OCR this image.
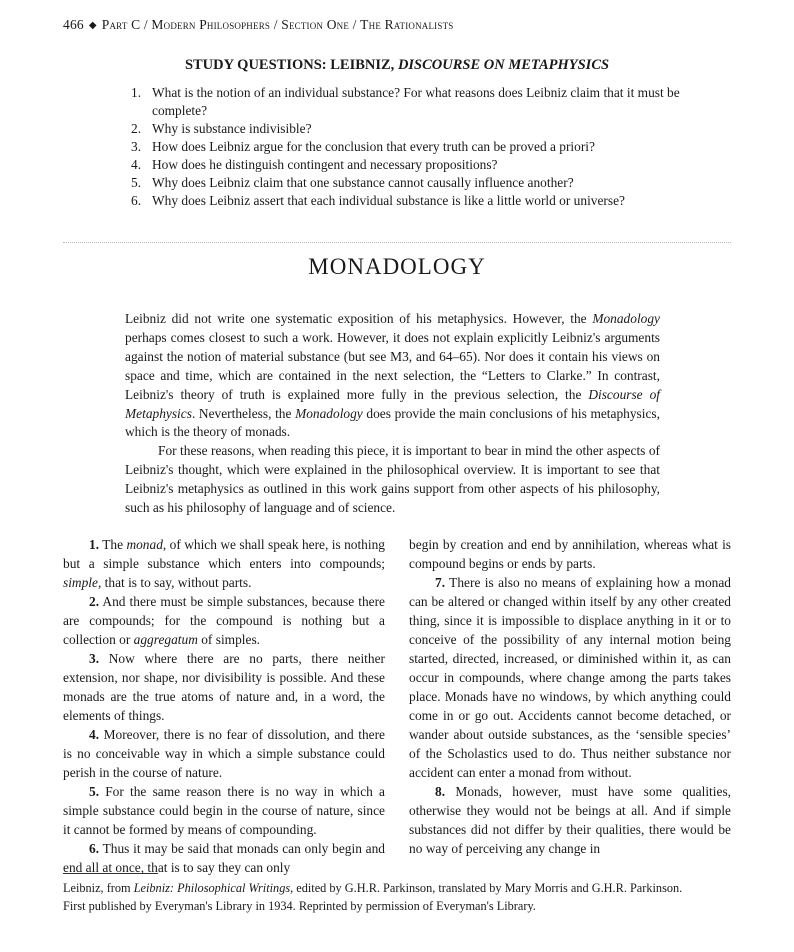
466 ◆ Part C / Modern Philosophers / Section One / The Rationalists
STUDY QUESTIONS: LEIBNIZ, DISCOURSE ON METAPHYSICS
1. What is the notion of an individual substance? For what reasons does Leibniz claim that it must be complete?
2. Why is substance indivisible?
3. How does Leibniz argue for the conclusion that every truth can be proved a priori?
4. How does he distinguish contingent and necessary propositions?
5. Why does Leibniz claim that one substance cannot causally influence another?
6. Why does Leibniz assert that each individual substance is like a little world or universe?
MONADOLOGY

Leibniz did not write one systematic exposition of his metaphysics. However, the Monadology perhaps comes closest to such a work. However, it does not explain explicitly Leibniz's arguments against the notion of material substance (but see M3, and 64–65). Nor does it contain his views on space and time, which are contained in the next selection, the “Letters to Clarke.” In contrast, Leibniz's theory of truth is explained more fully in the previous selection, the Discourse of Metaphysics. Nevertheless, the Monadology does provide the main conclusions of his metaphysics, which is the theory of monads.

For these reasons, when reading this piece, it is important to bear in mind the other aspects of Leibniz's thought, which were explained in the philosophical overview. It is important to see that Leibniz's metaphysics as outlined in this work gains support from other aspects of his philosophy, such as his philosophy of language and of science.

1. The monad, of which we shall speak here, is nothing but a simple substance which enters into compounds; simple, that is to say, without parts.

2. And there must be simple substances, because there are compounds; for the compound is nothing but a collection or aggregatum of simples.

3. Now where there are no parts, there neither extension, nor shape, nor divisibility is possible. And these monads are the true atoms of nature and, in a word, the elements of things.

4. Moreover, there is no fear of dissolution, and there is no conceivable way in which a simple substance could perish in the course of nature.

5. For the same reason there is no way in which a simple substance could begin in the course of nature, since it cannot be formed by means of compounding.

6. Thus it may be said that monads can only begin and end all at once, that is to say they can only

begin by creation and end by annihilation, whereas what is compound begins or ends by parts.

7. There is also no means of explaining how a monad can be altered or changed within itself by any other created thing, since it is impossible to displace anything in it or to conceive of the possibility of any internal motion being started, directed, increased, or diminished within it, as can occur in compounds, where change among the parts takes place. Monads have no windows, by which anything could come in or go out. Accidents cannot become detached, or wander about outside substances, as the ‘sensible species’ of the Scholastics used to do. Thus neither substance nor accident can enter a monad from without.

8. Monads, however, must have some qualities, otherwise they would not be beings at all. And if simple substances did not differ by their qualities, there would be no way of perceiving any change in

Leibniz, from Leibniz: Philosophical Writings, edited by G.H.R. Parkinson, translated by Mary Morris and G.H.R. Parkinson.

First published by Everyman's Library in 1934. Reprinted by permission of Everyman's Library.
